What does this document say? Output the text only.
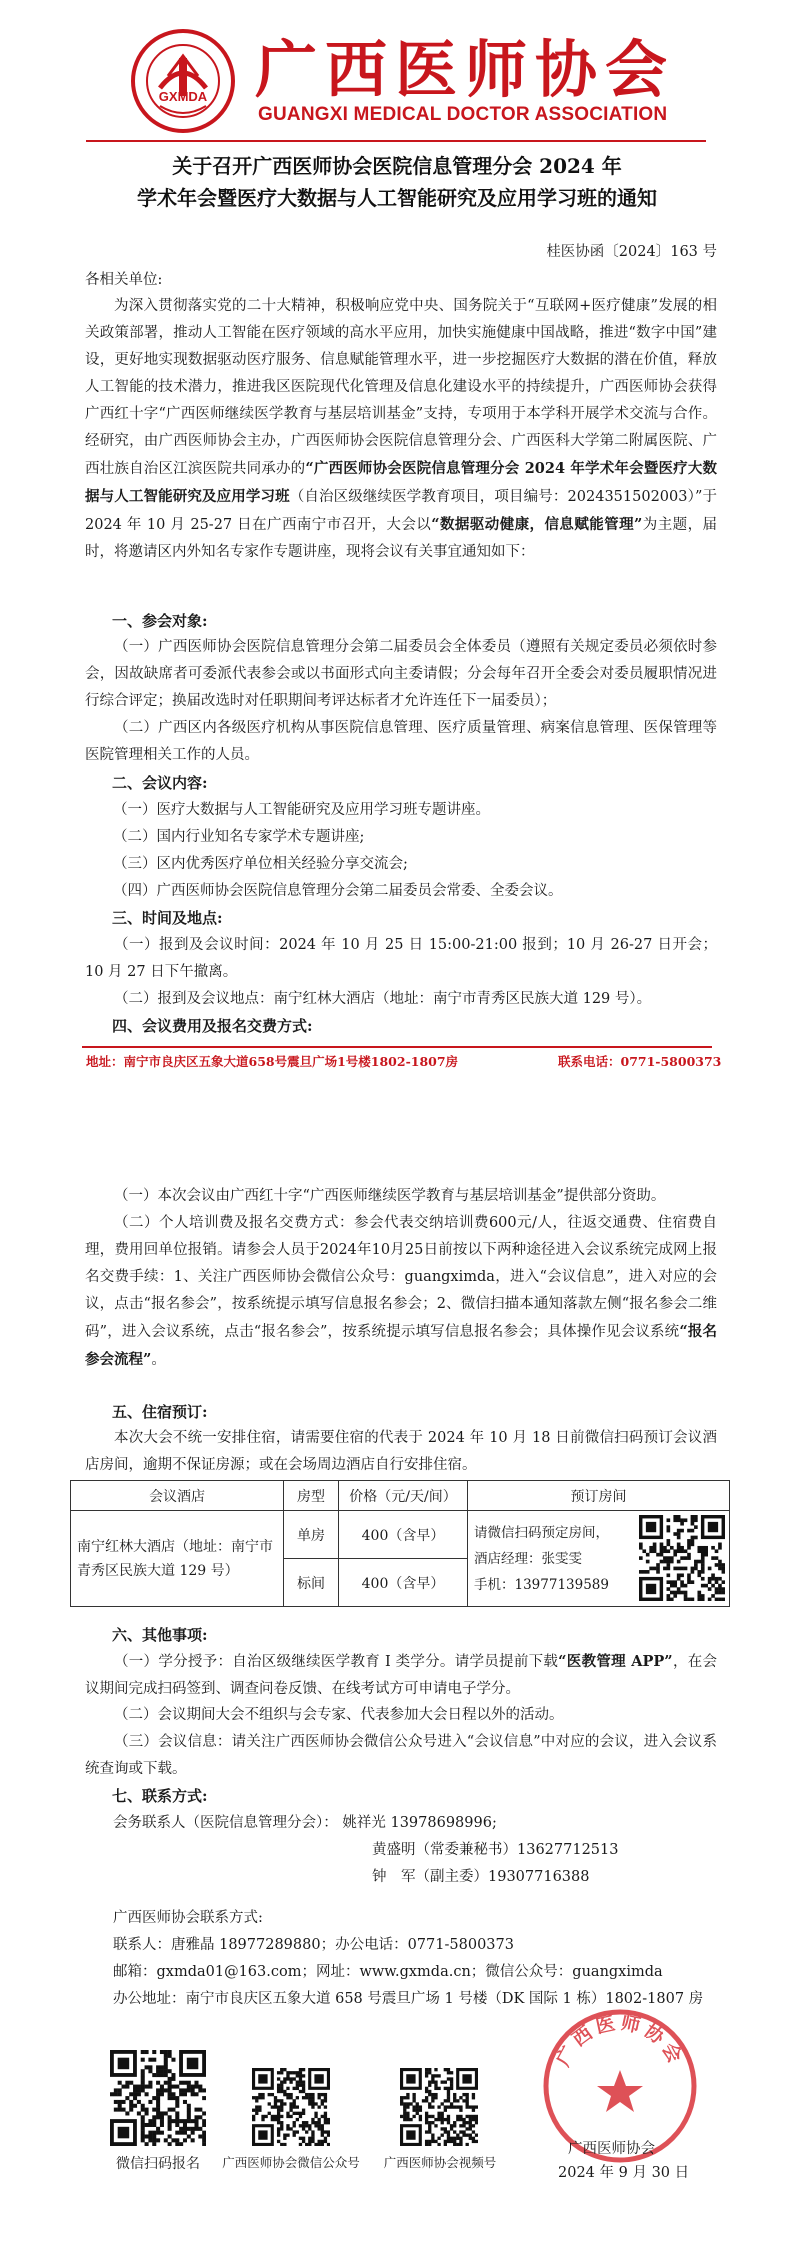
GXMDA 广西医师协会
GUANGXI MEDICAL DOCTOR ASSOCIATION
关于召开广西医师协会医院信息管理分会 2024 年
学术年会暨医疗大数据与人工智能研究及应用学习班的通知
桂医协函〔2024〕163 号
各相关单位:

为深入贯彻落实党的二十大精神，积极响应党中央、国务院关于“互联网+医疗健康”发展的相关政策部署，推动人工智能在医疗领域的高水平应用，加快实施健康中国战略，推进“数字中国”建设，更好地实现数据驱动医疗服务、信息赋能管理水平，进一步挖掘医疗大数据的潜在价值，释放人工智能的技术潜力，推进我区医院现代化管理及信息化建设水平的持续提升，广西医师协会获得广西红十字“广西医师继续医学教育与基层培训基金”支持，专项用于本学科开展学术交流与合作。经研究，由广西医师协会主办，广西医师协会医院信息管理分会、广西医科大学第二附属医院、广西壮族自治区江滨医院共同承办的“广西医师协会医院信息管理分会 2024 年学术年会暨医疗大数据与人工智能研究及应用学习班（自治区级继续医学教育项目，项目编号：2024351502003）”于 2024 年 10 月 25-27 日在广西南宁市召开，大会以“数据驱动健康，信息赋能管理”为主题，届时，将邀请区内外知名专家作专题讲座，现将会议有关事宜通知如下：

一、参会对象:

（一）广西医师协会医院信息管理分会第二届委员会全体委员（遵照有关规定委员必须依时参会，因故缺席者可委派代表参会或以书面形式向主委请假；分会每年召开全委会对委员履职情况进行综合评定；换届改选时对任职期间考评达标者才允许连任下一届委员）；

（二）广西区内各级医疗机构从事医院信息管理、医疗质量管理、病案信息管理、医保管理等医院管理相关工作的人员。

二、会议内容:
（一）医疗大数据与人工智能研究及应用学习班专题讲座。
（二）国内行业知名专家学术专题讲座;
（三）区内优秀医疗单位相关经验分享交流会;
（四）广西医师协会医院信息管理分会第二届委员会常委、全委会议。
三、时间及地点:

（一）报到及会议时间：2024 年 10 月 25 日 15:00-21:00 报到；10 月 26-27 日开会；10 月 27 日下午撤离。

（二）报到及会议地点：南宁红林大酒店（地址：南宁市青秀区民族大道 129 号）。

四、会议费用及报名交费方式:
地址：南宁市良庆区五象大道658号震旦广场1号楼1802-1807房	联系电话：0771-5800373

（一）本次会议由广西红十字“广西医师继续医学教育与基层培训基金”提供部分资助。

（二）个人培训费及报名交费方式：参会代表交纳培训费600元/人，往返交通费、住宿费自理，费用回单位报销。请参会人员于2024年10月25日前按以下两种途径进入会议系统完成网上报名交费手续：1、关注广西医师协会微信公众号：guangximda，进入“会议信息”，进入对应的会议，点击“报名参会”，按系统提示填写信息报名参会；2、微信扫描本通知落款左侧“报名参会二维码”，进入会议系统，点击“报名参会”，按系统提示填写信息报名参会；具体操作见会议系统“报名参会流程”。

五、住宿预订:

本次大会不统一安排住宿，请需要住宿的代表于 2024 年 10 月 18 日前微信扫码预订会议酒店房间，逾期不保证房源；或在会场周边酒店自行安排住宿。

会议酒店	房型	价格（元/天/间）	预订房间
南宁红林大酒店（地址：南宁市青秀区民族大道 129 号）	单房	400（含早）	请微信扫码预定房间，
酒店经理：张雯雯
手机：13977139589

	标间	400（含早）	
六、其他事项:

（一）学分授予：自治区级继续医学教育 I 类学分。请学员提前下载“医教管理 APP”，在会议期间完成扫码签到、调查问卷反馈、在线考试方可申请电子学分。

（二）会议期间大会不组织与会专家、代表参加大会日程以外的活动。

（三）会议信息：请关注广西医师协会微信公众号进入“会议信息”中对应的会议，进入会议系统查询或下载。

七、联系方式:
会务联系人（医院信息管理分会）： 姚祥光 13978698996;
黄盛明（常委兼秘书）13627712513
钟　军（副主委）19307716388
广西医师协会联系方式:
联系人：唐雅晶 18977289880；办公电话：0771-5800373
邮箱：gxmda01@163.com；网址：www.gxmda.cn；微信公众号：guangximda
办公地址：南宁市良庆区五象大道 658 号震旦广场 1 号楼（DK 国际 1 栋）1802-1807 房
微信扫码报名	广西医师协会微信公众号	广西医师协会视频号
广西医师协会
广西医师协会
2024 年 9 月 30 日
